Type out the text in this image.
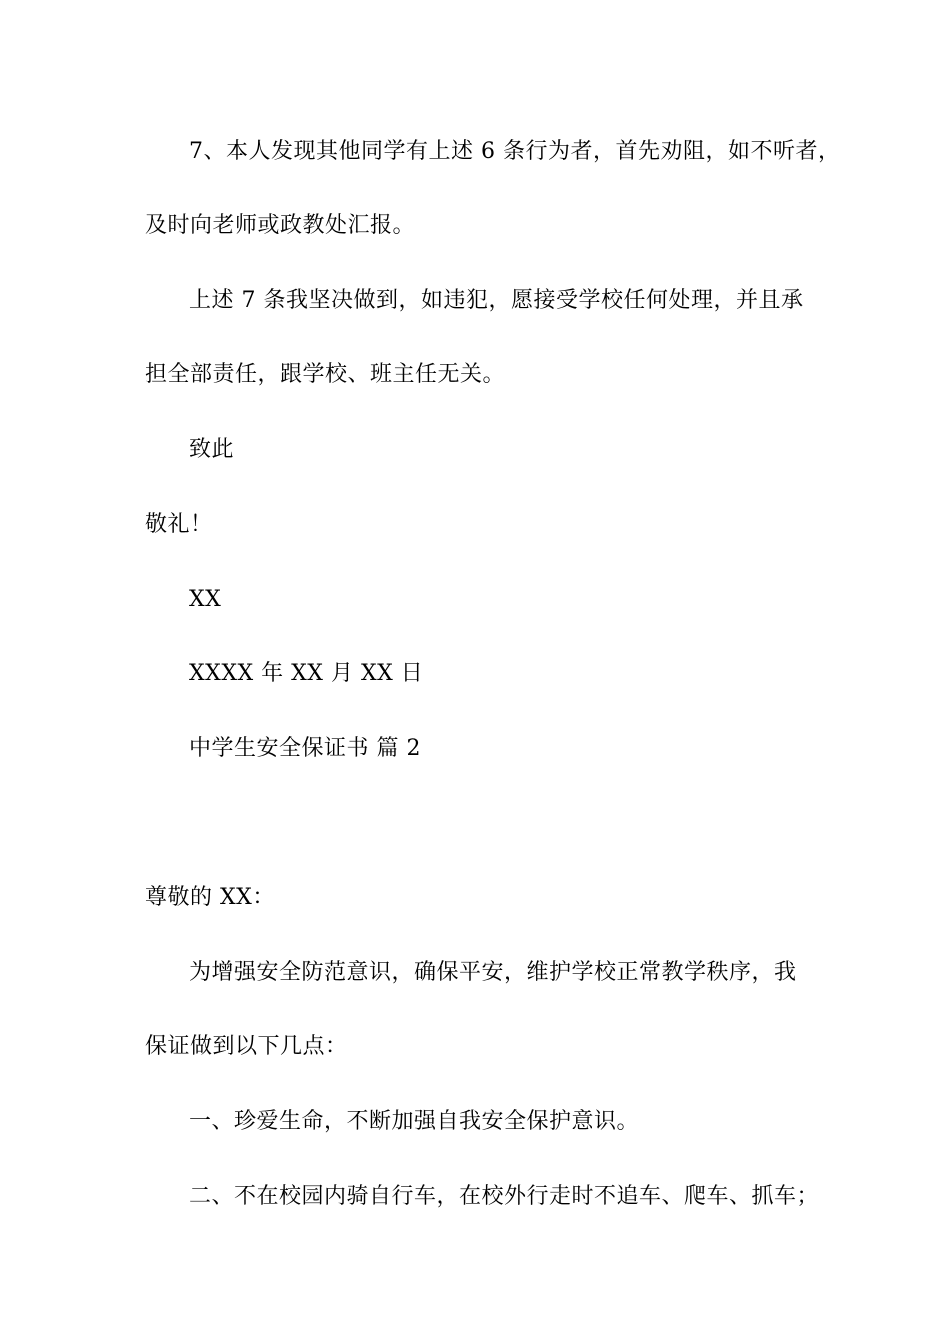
7、本人发现其他同学有上述 6 条行为者，首先劝阻，如不听者，
及时向老师或政教处汇报。
上述 7 条我坚决做到，如违犯，愿接受学校任何处理，并且承
担全部责任，跟学校、班主任无关。
致此
敬礼！
XX
XXXX 年 XX 月 XX 日
中学生安全保证书 篇 2
尊敬的 XX：
为增强安全防范意识，确保平安，维护学校正常教学秩序，我
保证做到以下几点：
一、珍爱生命，不断加强自我安全保护意识。
二、不在校园内骑自行车，在校外行走时不追车、爬车、抓车；
